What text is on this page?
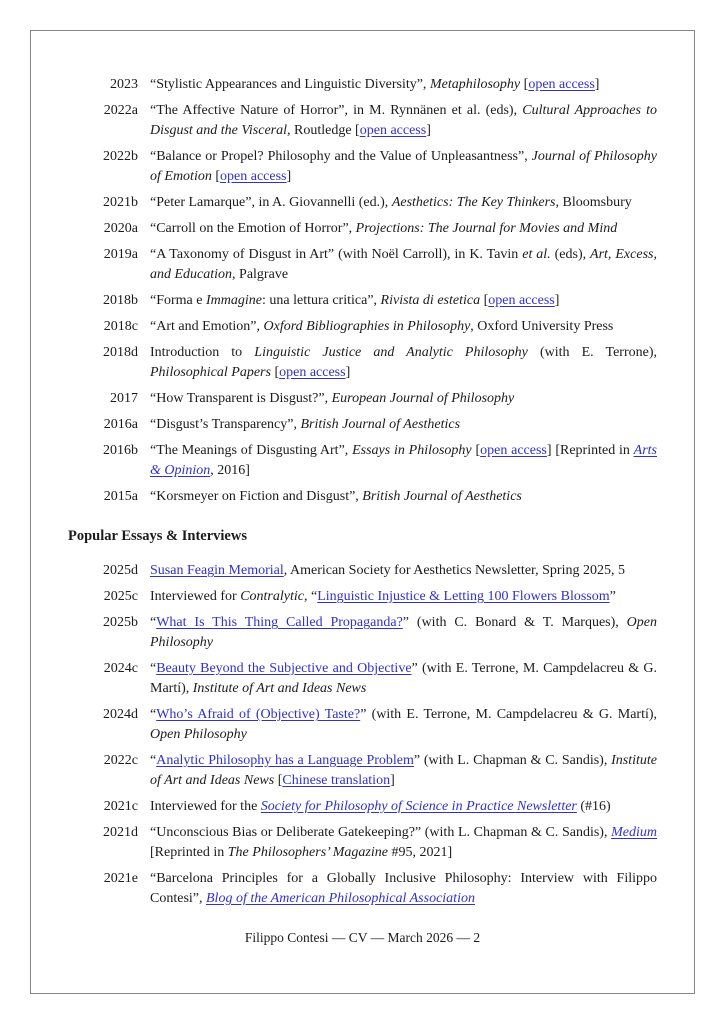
2023 “Stylistic Appearances and Linguistic Diversity”, Metaphilosophy [open access]

2022a “The Affective Nature of Horror”, in M. Rynnänen et al. (eds), Cultural Approaches to Disgust and the Visceral, Routledge [open access]

2022b “Balance or Propel? Philosophy and the Value of Unpleasantness”, Journal of Philosophy of Emotion [open access]

2021b “Peter Lamarque”, in A. Giovannelli (ed.), Aesthetics: The Key Thinkers, Bloomsbury

2020a “Carroll on the Emotion of Horror”, Projections: The Journal for Movies and Mind

2019a “A Taxonomy of Disgust in Art” (with Noël Carroll), in K. Tavin et al. (eds), Art, Excess, and Education, Palgrave

2018b “Forma e Immagine: una lettura critica”, Rivista di estetica [open access]

2018c “Art and Emotion”, Oxford Bibliographies in Philosophy, Oxford University Press

2018d Introduction to Linguistic Justice and Analytic Philosophy (with E. Terrone), Philosophical Papers [open access]

2017 “How Transparent is Disgust?”, European Journal of Philosophy

2016a “Disgust’s Transparency”, British Journal of Aesthetics

2016b “The Meanings of Disgusting Art”, Essays in Philosophy [open access] [Reprinted in Arts & Opinion, 2016]

2015a “Korsmeyer on Fiction and Disgust”, British Journal of Aesthetics

Popular Essays & Interviews
2025d Susan Feagin Memorial, American Society for Aesthetics Newsletter, Spring 2025, 5

2025c Interviewed for Contralytic, “Linguistic Injustice & Letting 100 Flowers Blossom”

2025b “What Is This Thing Called Propaganda?” (with C. Bonard & T. Marques), Open Philosophy

2024c “Beauty Beyond the Subjective and Objective” (with E. Terrone, M. Campdelacreu & G. Martí), Institute of Art and Ideas News

2024d “Who’s Afraid of (Objective) Taste?” (with E. Terrone, M. Campdelacreu & G. Martí), Open Philosophy

2022c “Analytic Philosophy has a Language Problem” (with L. Chapman & C. Sandis), Institute of Art and Ideas News [Chinese translation]

2021c Interviewed for the Society for Philosophy of Science in Practice Newsletter (#16)

2021d “Unconscious Bias or Deliberate Gatekeeping?” (with L. Chapman & C. Sandis), Medium [Reprinted in The Philosophers’ Magazine #95, 2021]

2021e “Barcelona Principles for a Globally Inclusive Philosophy: Interview with Filippo Contesi”, Blog of the American Philosophical Association

Filippo Contesi — CV — March 2026 — 2
